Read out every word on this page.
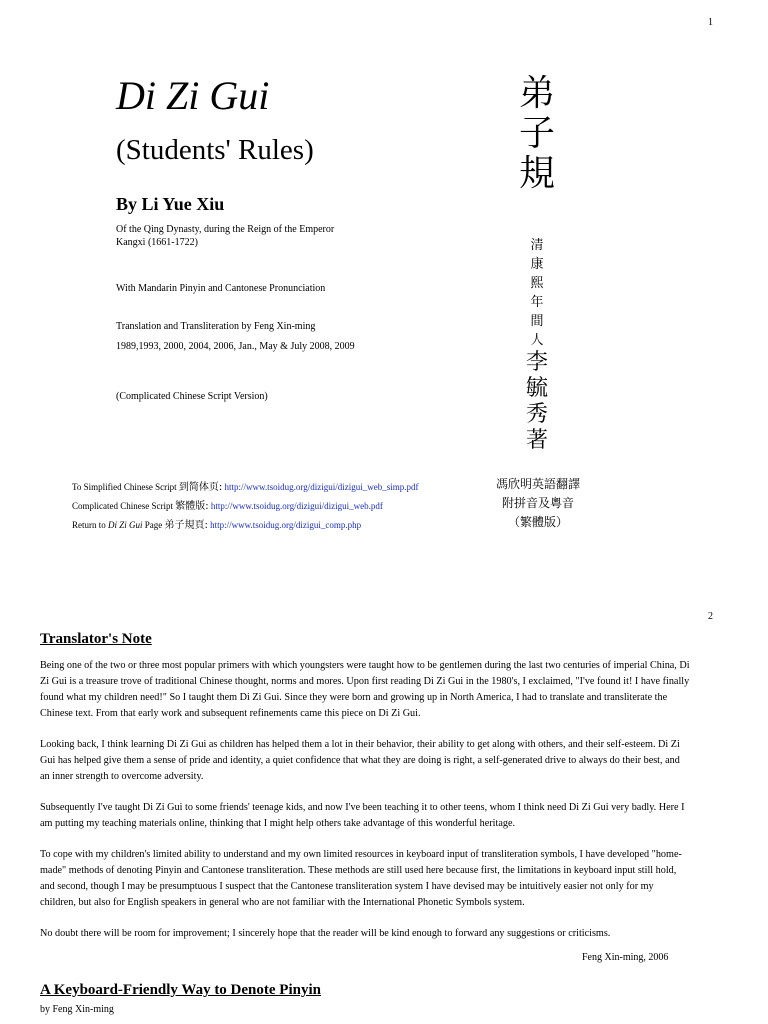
1
Di Zi Gui
(Students' Rules)
By Li Yue Xiu
Of the Qing Dynasty, during the Reign of the Emperor
Kangxi (1661-1722)
With Mandarin Pinyin and Cantonese Pronunciation
Translation and Transliteration by Feng Xin-ming
1989,1993, 2000, 2004, 2006, Jan., May & July 2008, 2009
(Complicated Chinese Script Version)
弟
子
規
清
康
熙
年
間
人
李
毓
秀
著
To Simplified Chinese Script 到简体页: http://www.tsoidug.org/dizigui/dizigui_web_simp.pdf
Complicated Chinese Script 繁體版: http://www.tsoidug.org/dizigui/dizigui_web.pdf
Return to Di Zi Gui Page 弟子規頁: http://www.tsoidug.org/dizigui_comp.php
馮欣明英語翻譯
附拼音及粵音
（繁體版）
2
Translator's Note

Being one of the two or three most popular primers with which youngsters were taught how to be gentlemen during the last two centuries of imperial China, Di Zi Gui is a treasure trove of traditional Chinese thought, norms and mores. Upon first reading Di Zi Gui in the 1980's, I exclaimed, "I've found it! I have finally found what my children need!" So I taught them Di Zi Gui. Since they were born and growing up in North America, I had to translate and transliterate the Chinese text. From that early work and subsequent refinements came this piece on Di Zi Gui.

Looking back, I think learning Di Zi Gui as children has helped them a lot in their behavior, their ability to get along with others, and their self-esteem. Di Zi Gui has helped give them a sense of pride and identity, a quiet confidence that what they are doing is right, a self-generated drive to always do their best, and an inner strength to overcome adversity.

Subsequently I've taught Di Zi Gui to some friends' teenage kids, and now I've been teaching it to other teens, whom I think need Di Zi Gui very badly. Here I am putting my teaching materials online, thinking that I might help others take advantage of this wonderful heritage.

To cope with my children's limited ability to understand and my own limited resources in keyboard input of transliteration symbols, I have developed "home-made" methods of denoting Pinyin and Cantonese transliteration. These methods are still used here because first, the limitations in keyboard input still hold, and second, though I may be presumptuous I suspect that the Cantonese transliteration system I have devised may be intuitively easier not only for my children, but also for English speakers in general who are not familiar with the International Phonetic Symbols system.

No doubt there will be room for improvement; I sincerely hope that the reader will be kind enough to forward any suggestions or criticisms.

Feng Xin-ming, 2006
A Keyboard-Friendly Way to Denote Pinyin
by Feng Xin-ming
